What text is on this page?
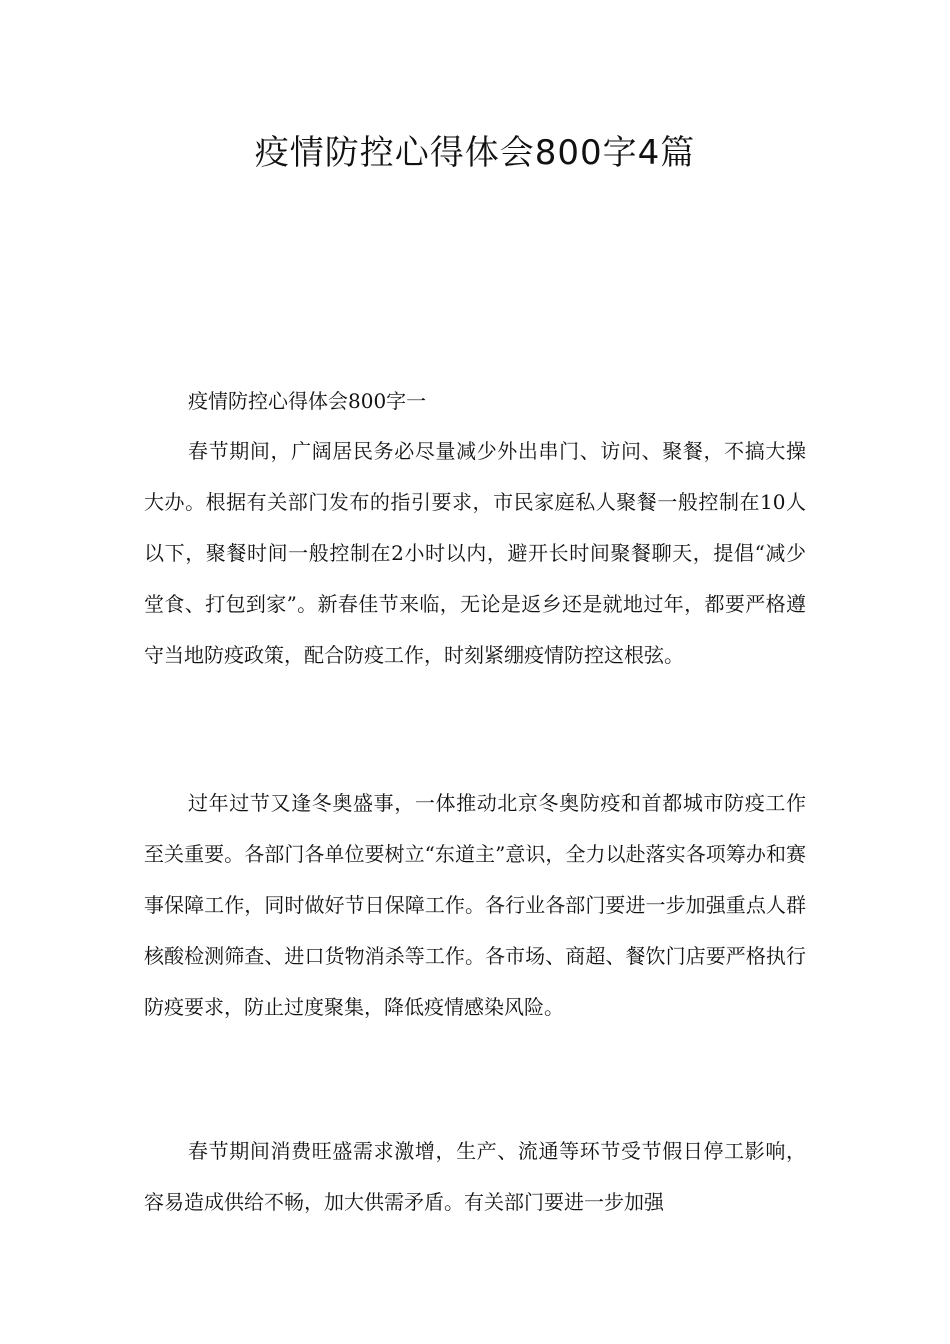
疫情防控心得体会800字4篇

疫情防控心得体会800字一

春节期间，广阔居民务必尽量减少外出串门、访问、聚餐，不搞大操大办。根据有关部门发布的指引要求，市民家庭私人聚餐一般控制在10人以下，聚餐时间一般控制在2小时以内，避开长时间聚餐聊天，提倡“减少堂食、打包到家”。新春佳节来临，无论是返乡还是就地过年，都要严格遵守当地防疫政策，配合防疫工作，时刻紧绷疫情防控这根弦。

过年过节又逢冬奥盛事，一体推动北京冬奥防疫和首都城市防疫工作至关重要。各部门各单位要树立“东道主”意识，全力以赴落实各项筹办和赛事保障工作，同时做好节日保障工作。各行业各部门要进一步加强重点人群核酸检测筛查、进口货物消杀等工作。各市场、商超、餐饮门店要严格执行防疫要求，防止过度聚集，降低疫情感染风险。

春节期间消费旺盛需求激增，生产、流通等环节受节假日停工影响，容易造成供给不畅，加大供需矛盾。有关部门要进一步加强
